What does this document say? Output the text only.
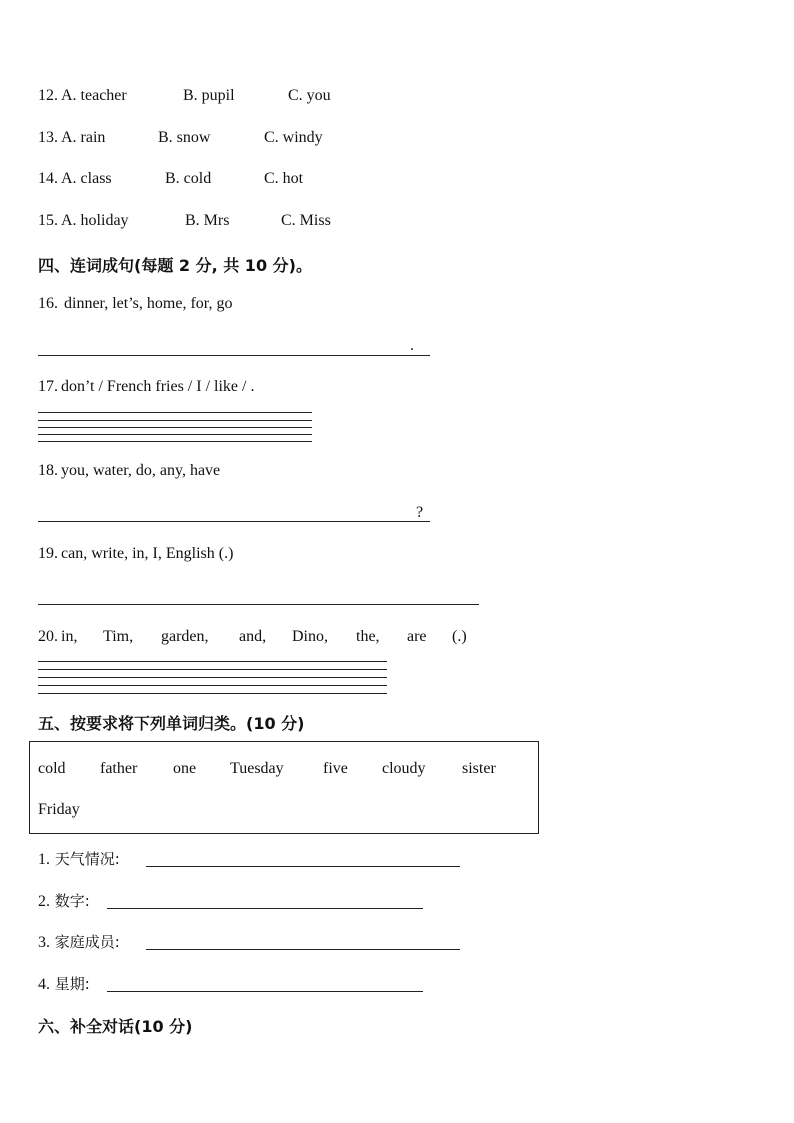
12. A. teacher	B. pupil	C. you
13. A. rain	B. snow	C. windy
14. A. class	B. cold	C. hot
15. A. holiday	B. Mrs	C. Miss
四、连词成句(每题 2 分, 共 10 分)。
16. dinner, let’s, home, for, go
.
17. don’t / French fries / I / like / .
18. you, water, do, any, have
?
19. can, write, in, I, English (.)
20. in, Tim, garden, and, Dino, the, are (.)
五、按要求将下列单词归类。(10 分)
cold father one Tuesday five cloudy sister
Friday
1. 天气情况:
2. 数字:
3. 家庭成员:
4. 星期:
六、补全对话(10 分)
